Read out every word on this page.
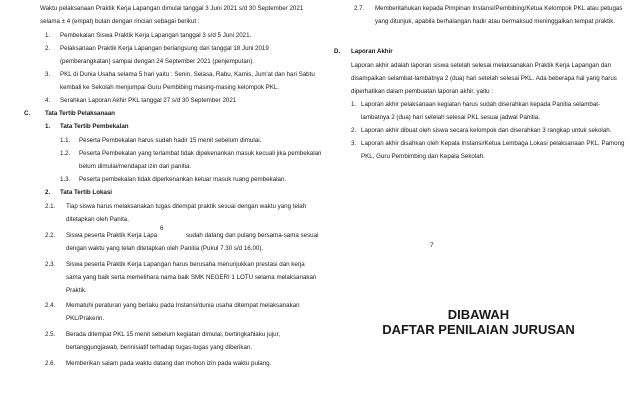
Waktu pelaksanaan Praktik Kerja Lapangan dimulai tanggal 3 Juni 2021 s/d 30 September 2021
selama ± 4 (empat) bulan dengan rincian sebagai berikut :
1. Pembekalan Siswa Praktik Kerja Lapangan tanggal 3 s/d 5 Juni 2021.
2. Pelaksanaan Praktik Kerja Lapangan berlangsung dari tanggal 18 Juni 2019
(pemberangkatan) sampai dengan 24 September 2021 (penjemputan).
3. PKL di Dunia Usaha selama 5 hari yaitu : Senin, Selasa, Rabu, Kamis, Jum'at dan hari Sabtu
kembali ke Sekolah menjumpai Guru Pembibing masing-masing kelompok PKL.
4. Serahkan Laporan Akhir PKL tanggal 27 s/d 30 September 2021
C. Tata Tertib Pelaksanaan
1. Tata Tertib Pembekalan
1.1. Peserta Pembekalan harus sudah hadir 15 menit sebelum dimulai.
1.2. Peserta Pembekalan yang terlambat tidak dipekenankan masuk kecuali jika pembekalan
belum dimulai/mendapat izin dari panitia.
1.3. Peserta pembekalan tidak diperkenankan keluar masuk ruang pembekalan.
2. Tata Tertib Lokasi
2.1. Tiap siswa harus melaksanakan tugas ditempat praktik sesuai dengan waktu yang telah
ditetapkan oleh Panita.
2.2. Siswa peserta Praktik Kerja Lapa	sudah datang dan pulang bersama-sama sesuai
dengan waktu yang telah ditetapkan oleh Panitia (Pukul 7.30 s/d 16.00).
2.3. Siswa peserta Praktik Kerja Lapangan harus berusaha menunjukkan prestasi dan kerja
sama yang baik serta memelihara nama baik SMK NEGERI 1 LOTU selama melaksanakan
Praktik.
2.4. Mematuhi peraturan yang berlaku pada Instansi/dunia usaha ditempat melaksanakan
PKL/Prakerin.
2.5. Berada ditempat PKL 15 menit sebelum kegiatan dimulai, bertingkahlaku jujur,
bertanggungjawab, berinisiatif terhadap tugas-tugas yang diberikan.
2.6. Memberikan salam pada waktu datang dan mohon izin pada waktu pulang.
6
2.7. Memberitahukan kepada Pimpinan Instansi/Pembibing/Ketua Kelompok PKL atau petugas
yang ditunjuk, apabila berhalangan hadir atau bermaksud meninggalkan tempat praktik.
D. Laporan Akhir
Laporan akhir adalah laporan siswa setelah selesai melaksanakan Praktik Kerja Lapangan dan
disampaikan selambat-lambatnya 2 (dua) hari setelah selesai PKL. Ada beberapa hal yang harus
diperhatikan dalam pembuatan laporan akhir, yaitu :
1. Laporan akhir pelaksanaan kegiatan harus sudah diserahkan kepada Panitia selambat-
lambatnya 2 (dua) hari setelah selesai PKL sesuai jadwal Panitia.
2. Laporan akhir dibuat oleh siswa secara kelompok dan diserahkan 3 rangkap untuk sekolah.
3. Laporan akhir disahkan oleh Kepala Instansi/Ketua Lembaga Lokasi pelaksanaan PKL, Pamong
PKL, Guru Pembimbing dan Kepala Sekolah.
7
DIBAWAH
DAFTAR PENILAIAN JURUSAN
